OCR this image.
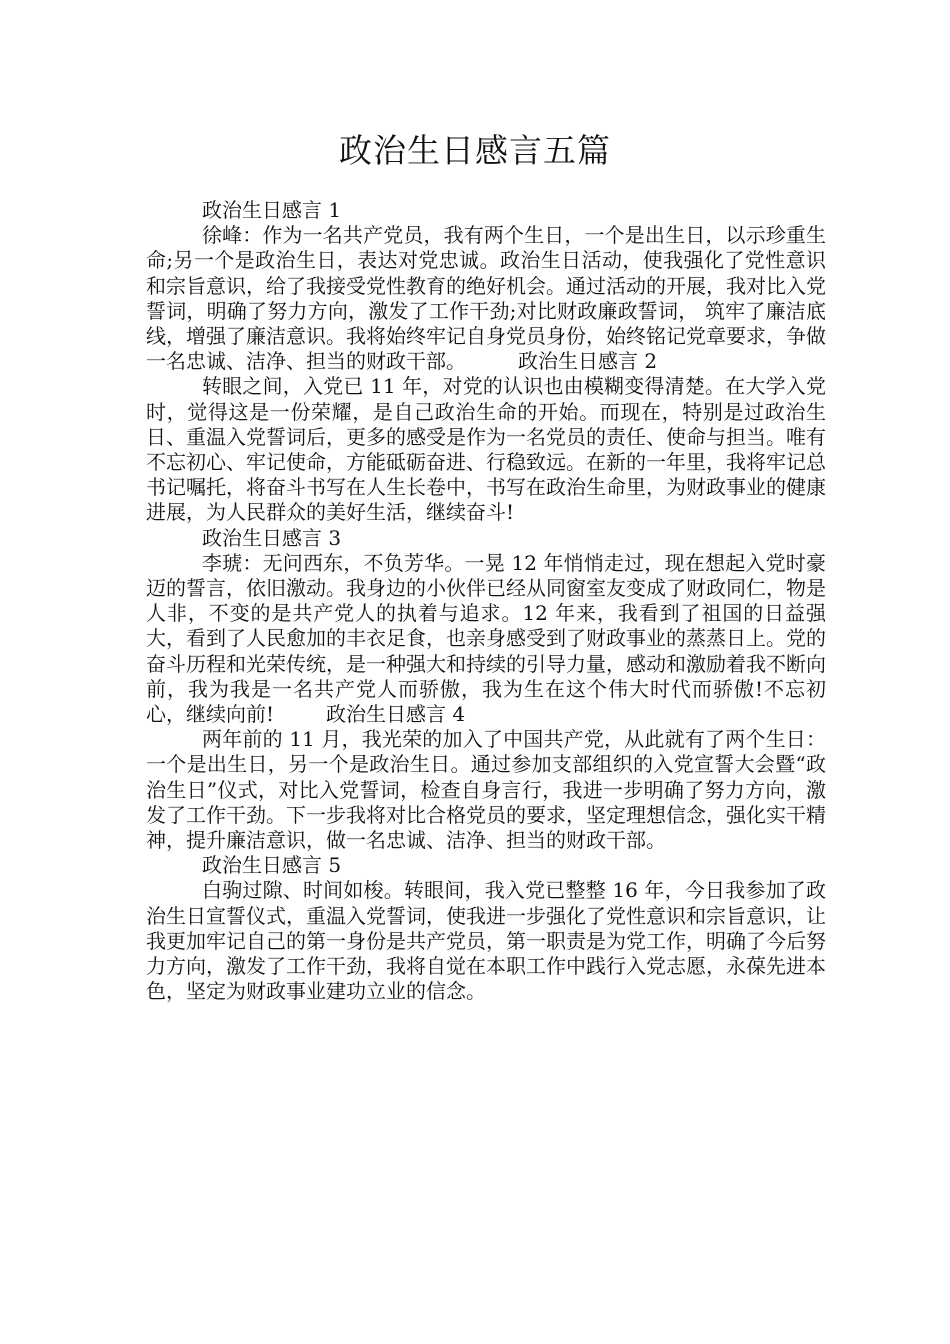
政治生日感言五篇

政治生日感言 1

徐峰：作为一名共产党员，我有两个生日，一个是出生日，以示珍重生命;另一个是政治生日，表达对党忠诚。政治生日活动，使我强化了党性意识和宗旨意识，给了我接受党性教育的绝好机会。通过活动的开展，我对比入党誓词，明确了努力方向，激发了工作干劲;对比财政廉政誓词， 筑牢了廉洁底线，增强了廉洁意识。我将始终牢记自身党员身份，始终铭记党章要求，争做一名忠诚、洁净、担当的财政干部。	政治生日感言 2

转眼之间，入党已 11 年，对党的认识也由模糊变得清楚。在大学入党时，觉得这是一份荣耀，是自己政治生命的开始。而现在，特别是过政治生日、重温入党誓词后，更多的感受是作为一名党员的责任、使命与担当。唯有不忘初心、牢记使命，方能砥砺奋进、行稳致远。在新的一年里，我将牢记总书记嘱托，将奋斗书写在人生长卷中，书写在政治生命里，为财政事业的健康进展，为人民群众的美好生活，继续奋斗!

政治生日感言 3

李琥：无问西东，不负芳华。一晃 12 年悄悄走过，现在想起入党时豪迈的誓言，依旧激动。我身边的小伙伴已经从同窗室友变成了财政同仁，物是人非，不变的是共产党人的执着与追求。12 年来，我看到了祖国的日益强大，看到了人民愈加的丰衣足食，也亲身感受到了财政事业的蒸蒸日上。党的奋斗历程和光荣传统，是一种强大和持续的引导力量，感动和激励着我不断向前，我为我是一名共产党人而骄傲，我为生在这个伟大时代而骄傲!不忘初心，继续向前!	政治生日感言 4

两年前的 11 月，我光荣的加入了中国共产党，从此就有了两个生日：一个是出生日，另一个是政治生日。通过参加支部组织的入党宣誓大会暨“政治生日”仪式，对比入党誓词，检查自身言行，我进一步明确了努力方向，激发了工作干劲。下一步我将对比合格党员的要求，坚定理想信念，强化实干精神，提升廉洁意识，做一名忠诚、洁净、担当的财政干部。

政治生日感言 5

白驹过隙、时间如梭。转眼间，我入党已整整 16 年，今日我参加了政治生日宣誓仪式，重温入党誓词，使我进一步强化了党性意识和宗旨意识，让我更加牢记自己的第一身份是共产党员，第一职责是为党工作，明确了今后努力方向，激发了工作干劲，我将自觉在本职工作中践行入党志愿，永葆先进本色，坚定为财政事业建功立业的信念。
